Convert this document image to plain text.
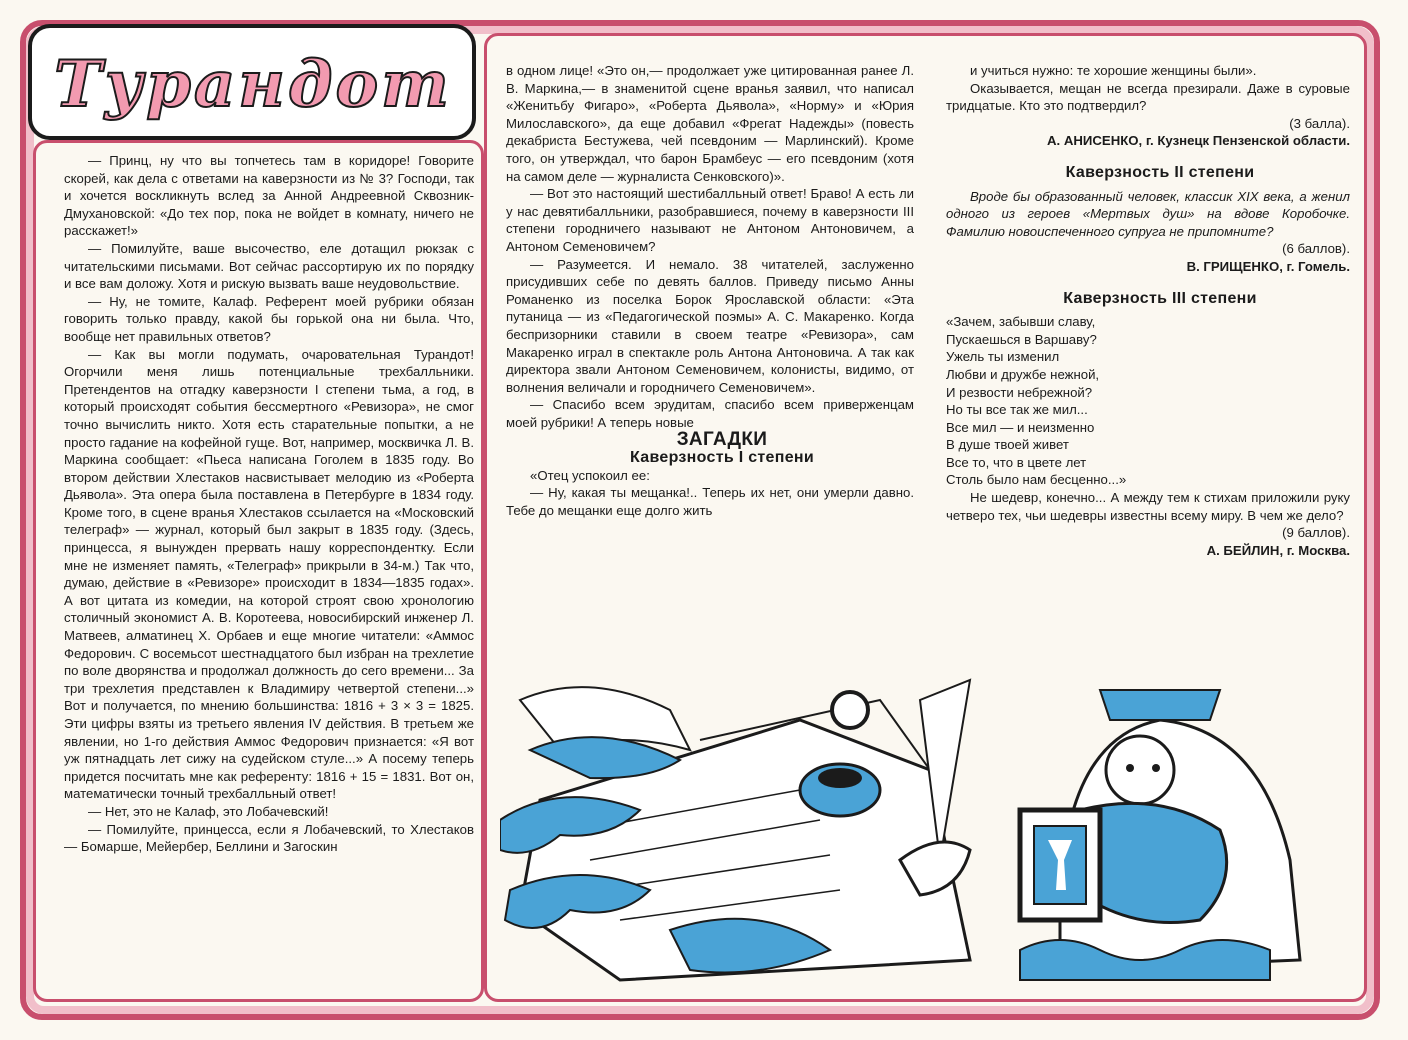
Турандот

— Принц, ну что вы топчетесь там в коридоре! Говорите скорей, как дела с ответами на каверзности из № 3? Господи, так и хочется воскликнуть вслед за Анной Андреевной Сквозник-Дмухановской: «До тех пор, пока не войдет в комнату, ничего не расскажет!»

— Помилуйте, ваше высочество, еле дотащил рюкзак с читательскими письмами. Вот сейчас рассортирую их по порядку и все вам доложу. Хотя и рискую вызвать ваше неудовольствие.

— Ну, не томите, Калаф. Референт моей рубрики обязан говорить только правду, какой бы горькой она ни была. Что, вообще нет правильных ответов?

— Как вы могли подумать, очаровательная Турандот! Огорчили меня лишь потенциальные трехбалльники. Претендентов на отгадку каверзности I степени тьма, а год, в который происходят события бессмертного «Ревизора», не смог точно вычислить никто. Хотя есть старательные попытки, а не просто гадание на кофейной гуще. Вот, например, москвичка Л. В. Маркина сообщает: «Пьеса написана Гоголем в 1835 году. Во втором действии Хлестаков насвистывает мелодию из «Роберта Дьявола». Эта опера была поставлена в Петербурге в 1834 году. Кроме того, в сцене вранья Хлестаков ссылается на «Московский телеграф» — журнал, который был закрыт в 1835 году. (Здесь, принцесса, я вынужден прервать нашу корреспондентку. Если мне не изменяет память, «Телеграф» прикрыли в 34-м.) Так что, думаю, действие в «Ревизоре» происходит в 1834—1835 годах». А вот цитата из комедии, на которой строят свою хронологию столичный экономист А. В. Коротеева, новосибирский инженер Л. Матвеев, алматинец Х. Орбаев и еще многие читатели: «Аммос Федорович. С восемьсот шестнадцатого был избран на трехлетие по воле дворянства и продолжал должность до сего времени... За три трехлетия представлен к Владимиру четвертой степени...» Вот и получается, по мнению большинства: 1816 + 3 × 3 = 1825. Эти цифры взяты из третьего явления IV действия. В третьем же явлении, но 1-го действия Аммос Федорович признается: «Я вот уж пятнадцать лет сижу на судейском стуле...» А посему теперь придется посчитать мне как референту: 1816 + 15 = 1831. Вот он, математически точный трехбалльный ответ!

— Нет, это не Калаф, это Лобачевский!

— Помилуйте, принцесса, если я Лобачевский, то Хлестаков — Бомарше, Мейербер, Беллини и Загоскин

в одном лице! «Это он,— продолжает уже цитированная ранее Л. В. Маркина,— в знаменитой сцене вранья заявил, что написал «Женитьбу Фигаро», «Роберта Дьявола», «Норму» и «Юрия Милославского», да еще добавил «Фрегат Надежды» (повесть декабриста Бестужева, чей псевдоним — Марлинский). Кроме того, он утверждал, что барон Брамбеус — его псевдоним (хотя на самом деле — журналиста Сенковского)».

— Вот это настоящий шестибалльный ответ! Браво! А есть ли у нас девятибалльники, разобравшиеся, почему в каверзности III степени городничего называют не Антоном Антоновичем, а Антоном Семеновичем?

— Разумеется. И немало. 38 читателей, заслуженно присудивших себе по девять баллов. Приведу письмо Анны Романенко из поселка Борок Ярославской области: «Эта путаница — из «Педагогической поэмы» А. С. Макаренко. Когда беспризорники ставили в своем театре «Ревизора», сам Макаренко играл в спектакле роль Антона Антоновича. А так как директора звали Антоном Семеновичем, колонисты, видимо, от волнения величали и городничего Семеновичем».

— Спасибо всем эрудитам, спасибо всем приверженцам моей рубрики! А теперь новые

ЗАГАДКИ

Каверзность I степени

«Отец успокоил ее:

— Ну, какая ты мещанка!.. Теперь их нет, они умерли давно. Тебе до мещанки еще долго жить

и учиться нужно: те хорошие женщины были».

Оказывается, мещан не всегда презирали. Даже в суровые тридцатые. Кто это подтвердил?

(3 балла).

А. АНИСЕНКО, г. Кузнецк Пензенской области.

Каверзность II степени

Вроде бы образованный человек, классик XIX века, а женил одного из героев «Мертвых душ» на вдове Коробочке. Фамилию новоиспеченного супруга не припомните?

(6 баллов).

В. ГРИЩЕНКО, г. Гомель.

Каверзность III степени

«Зачем, забывши славу,

Пускаешься в Варшаву?

Ужель ты изменил

Любви и дружбе нежной,

И резвости небрежной?

Но ты все так же мил...

Все мил — и неизменно

В душе твоей живет

Все то, что в цвете лет

Столь было нам бесценно...»

Не шедевр, конечно... А между тем к стихам приложили руку четверо тех, чьи шедевры известны всему миру. В чем же дело?

(9 баллов).

А. БЕЙЛИН, г. Москва.
